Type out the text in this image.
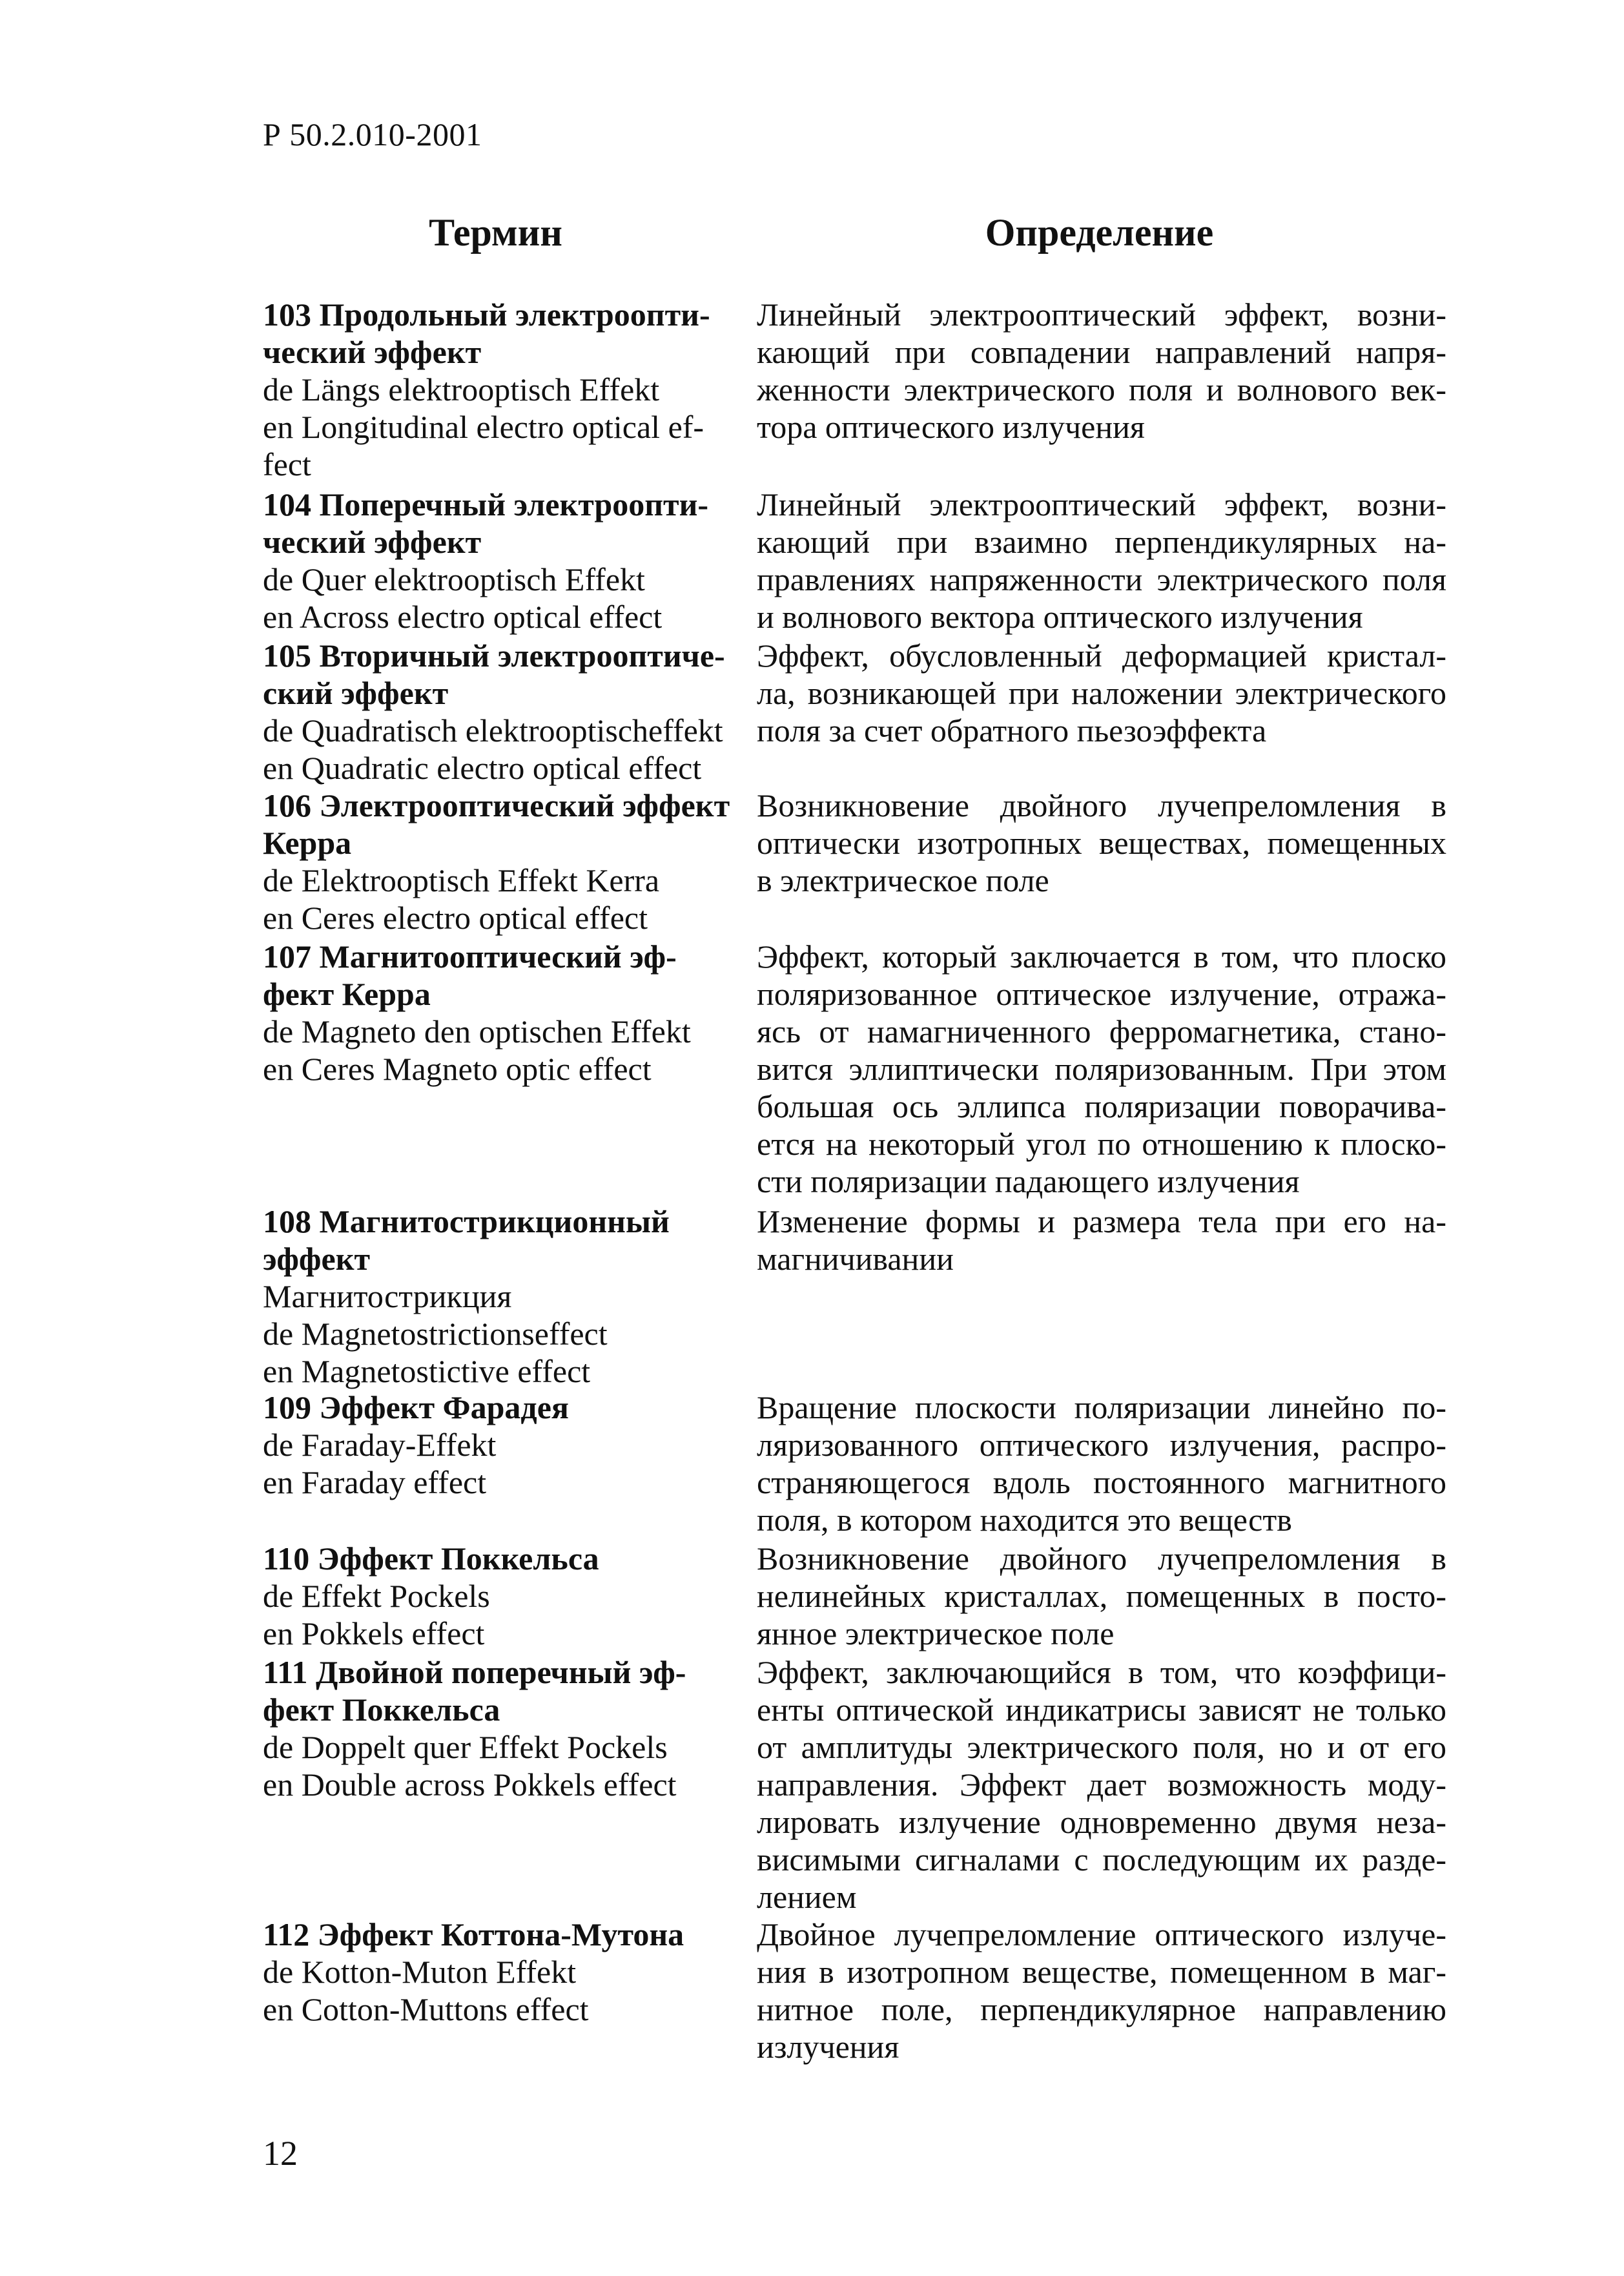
Р 50.2.010-2001
Термин	Определение
103 Продольный электроопти-
ческий эффект
de Längs elektrooptisch Effekt
en Longitudinal electro optical ef-
fect
Линейный электрооптический эффект, возни-
кающий при совпадении направлений напря-
женности электрического поля и волнового век-
тора оптического излучения
104 Поперечный электроопти-
ческий эффект
de Quer elektrooptisch Effekt
en Across electro optical effect
Линейный электрооптический эффект, возни-
кающий при взаимно перпендикулярных на-
правлениях напряженности электрического поля
и волнового вектора оптического излучения
105 Вторичный электрооптиче-
ский эффект
de Quadratisch elektrooptischeffekt
en Quadratic electro optical effect
Эффект, обусловленный деформацией кристал-
ла, возникающей при наложении электрического
поля за счет обратного пьезоэффекта
106 Электрооптический эффект
Керра
de Elektrooptisch Effekt Kerra
en Ceres electro optical effect
Возникновение двойного лучепреломления в
оптически изотропных веществах, помещенных
в электрическое поле
107 Магнитооптический эф-
фект Керра
de Magneto den optischen Effekt
en Ceres Magneto optic effect
Эффект, который заключается в том, что плоско
поляризованное оптическое излучение, отража-
ясь от намагниченного ферромагнетика, стано-
вится эллиптически поляризованным. При этом
большая ось эллипса поляризации поворачива-
ется на некоторый угол по отношению к плоско-
сти поляризации падающего излучения
108 Магнитострикционный
эффект
Магнитострикция
de Magnetostrictionseffect
en Magnetostictive effect
Изменение формы и размера тела при его на-
магничивании
109 Эффект Фарадея
de Faraday-Effekt
en Faraday effect
Вращение плоскости поляризации линейно по-
ляризованного оптического излучения, распро-
страняющегося вдоль постоянного магнитного
поля, в котором находится это веществ
110 Эффект Поккельса
de Effekt Pockels
en Pokkels effect
Возникновение двойного лучепреломления в
нелинейных кристаллах, помещенных в посто-
янное электрическое поле
111 Двойной поперечный эф-
фект Поккельса
de Doppelt quer Effekt Pockels
en Double across Pokkels effect
Эффект, заключающийся в том, что коэффици-
енты оптической индикатрисы зависят не только
от амплитуды электрического поля, но и от его
направления. Эффект дает возможность моду-
лировать излучение одновременно двумя неза-
висимыми сигналами с последующим их разде-
лением
112 Эффект Коттона-Мутона
de Kotton-Muton Effekt
en Cotton-Muttons effect
Двойное лучепреломление оптического излуче-
ния в изотропном веществе, помещенном в маг-
нитное поле, перпендикулярное направлению
излучения
12
